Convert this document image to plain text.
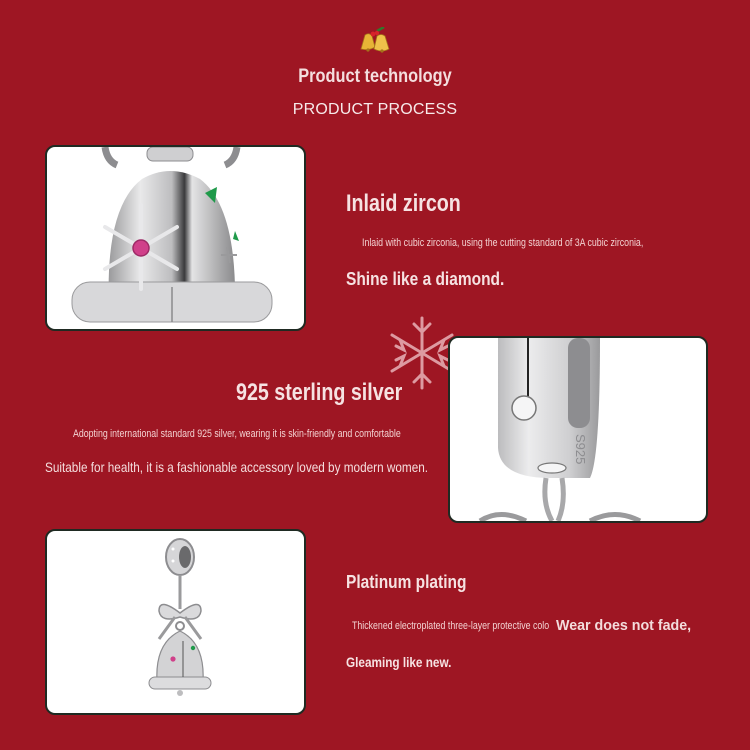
Product technology
PRODUCT PROCESS
Inlaid zircon
Inlaid with cubic zirconia, using the cutting standard of 3A cubic zirconia,
Shine like a diamond.
S925
925 sterling silver
Adopting international standard 925 silver, wearing it is skin-friendly and comfortable
Suitable for health, it is a fashionable accessory loved by modern women.
Platinum plating
Thickened electroplated three-layer protective colo Wear does not fade,
Gleaming like new.
